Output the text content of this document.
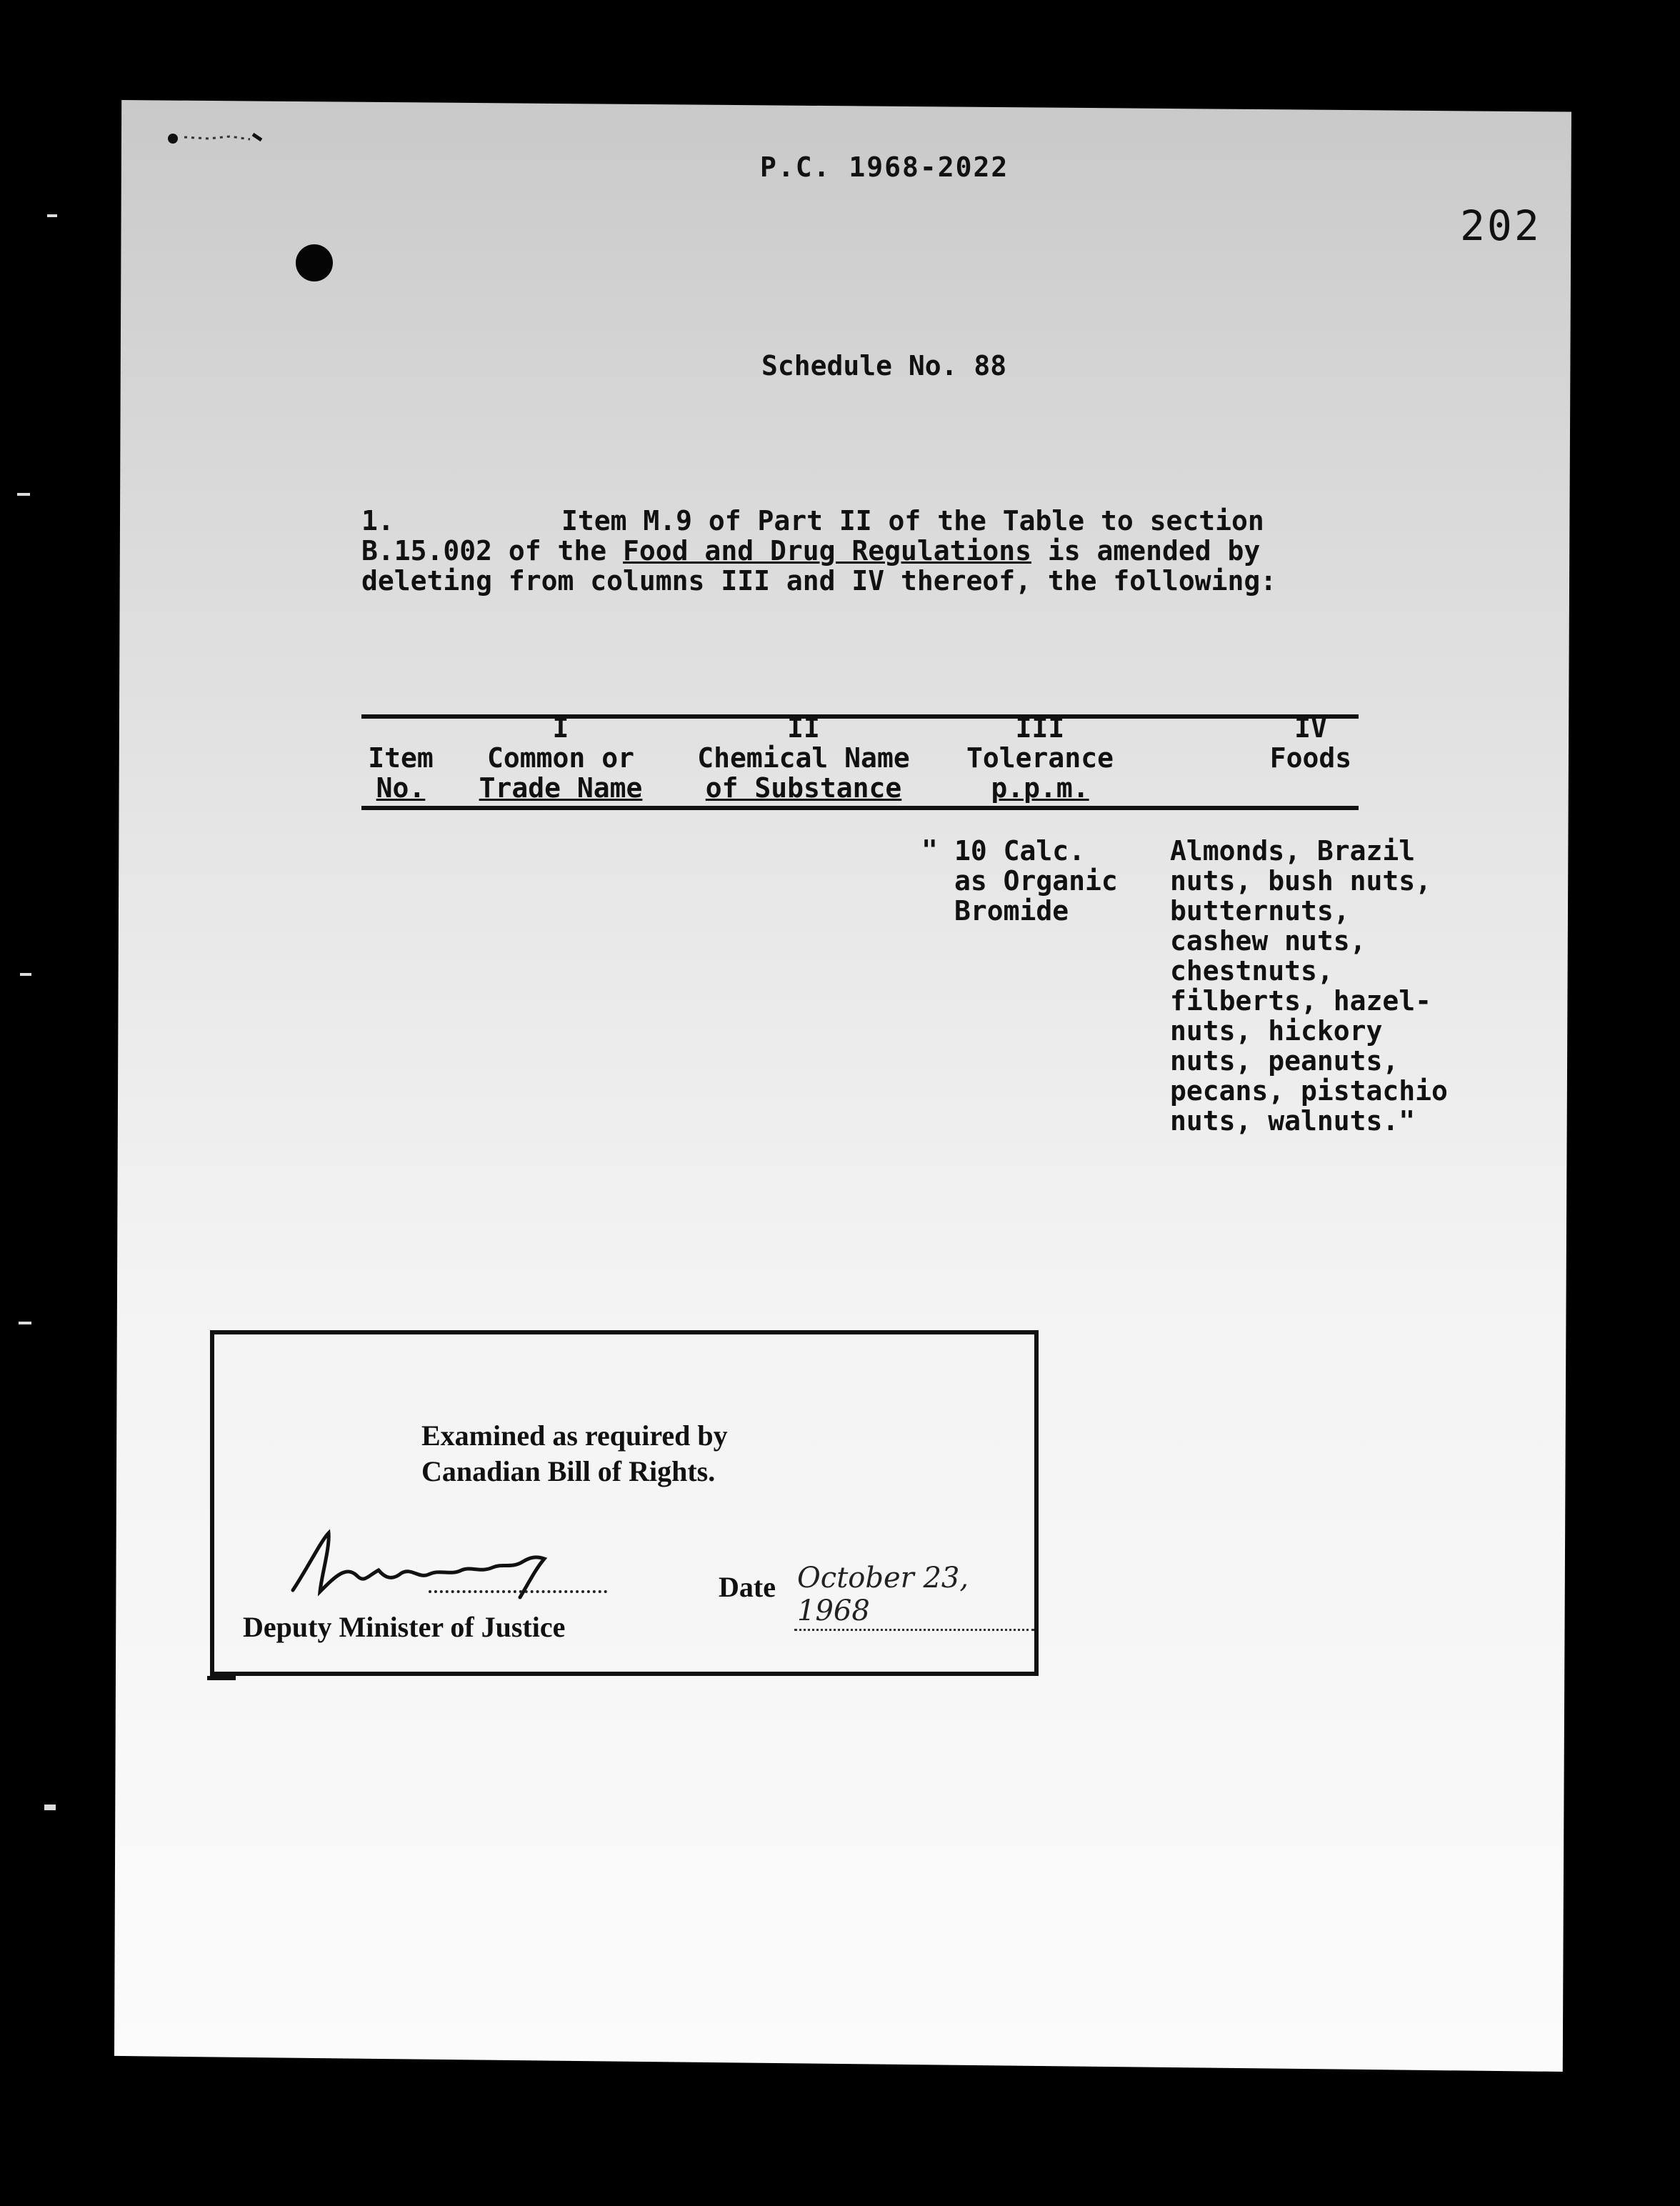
P.C. 1968-2022
202
Schedule No. 88
1.	Item M.9 of Part II of the Table to section B.15.002 of the Food and Drug Regulations is amended by deleting from columns III and IV thereof, the following:
Item
No.
I
Common or
Trade Name
II
Chemical Name
of Substance
III
Tolerance
p.p.m.
IV
Foods
" 10 Calc.
as Organic
Bromide
Almonds, Brazil
nuts, bush nuts,
butternuts,
cashew nuts,
chestnuts,
filberts, hazel-
nuts, hickory
nuts, peanuts,
pecans, pistachio
nuts, walnuts."
Examined as required by
Canadian Bill of Rights.
Deputy Minister of Justice
Date October 23, 1968
